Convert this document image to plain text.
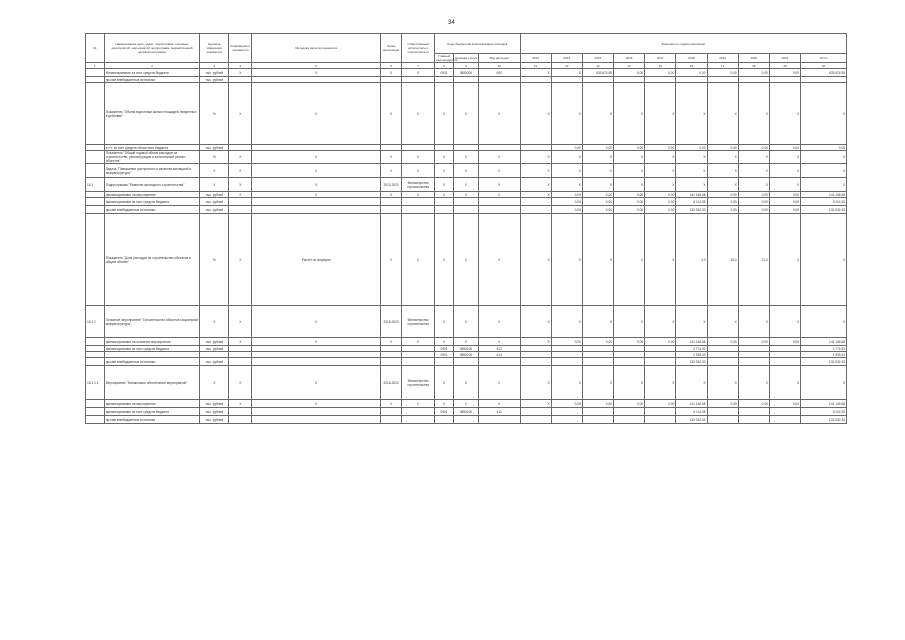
34
№	Наименование цели, задач, подпрограмм, основных мероприятий, мероприятий подпрограмм, ведомственной целевой программы	Единица измерения показателя	Коэффициент значимости	Методика расчета показателя	Сроки реализации	Ответственный исполнитель и соисполнители	Коды бюджетной классификации расходов			Значения по годам реализации									
							Главный распорядитель	Целевая статья	Вид расходов	2013	2014	2015	2016	2017	2018	2019	2020	2021	Итого
1	2	3	4	5	6	7	8	9	10	11	12	13	14	15	16	17	18	19	20
	Финансирование за счет средств бюджета	тыс. рублей	Х	Х	Х	Х	0901	0850000	000	Х	Х	633 674,95	0,00	0,00	0,00	0,00	0,00	0,00	633 674,95
	прочие внебюджетные источники	тыс. рублей																	
	Показатель "Объем подготовки жилых площадей, введенных в действие"	%	Х	Х	Х	Х	Х	Х	Х	Х	Х	Х	Х	Х	Х	Х	Х	Х	Х
	в т.ч. за счет средств областного бюджета	тыс. рублей									0,00	0,00	0,00	0,00	0,00	0,00	0,00	0,00	0,00
	Показатель "Общий годовой объем расходов на строительство, реконструкцию и капитальный ремонт объектов"	%	Х	Х	Х	Х	Х	Х	Х	Х	Х	Х	Х	Х	Х	Х	Х	Х	Х
	Задача "Повышение доступности и качества жилищной и инфраструктуры"	Х	Х	Х	Х	Х	Х	Х	Х	Х	Х	Х	Х	Х	Х	Х	Х	Х	Х
18.1	Подпрограмма "Развитие жилищного строительства"	Х	Х	Х	2013-2021	Министерство строительства	Х	Х	Х	Х	Х	Х	Х	Х	Х	Х	Х	Х	Х
	финансирование на мероприятие	тыс. рублей	Х	Х	Х	Х	Х	Х	Х	Х	0,00	0,00	0,00	0,00	141 146,68	0,00	0,00	0,00	141 146,68
	финансирование за счет средств бюджета	тыс. рублей									0,00	0,00	0,00	0,00	8 114,35	0,00	0,00	0,00	8 114,35
	прочие внебюджетные источники	тыс. рублей									0,00	0,00	0,00	0,00	133 032,33	0,00	0,00	0,00	133 032,33
	Показатель "Доля расходов на строительство объектов в общем объеме"	%	Х	Расчет по формуле	Х	Х	Х	Х	Х	Х	Х	Х	Х	Х	4,0	16,0	21,0	Х	Х
18.1.1	Основное мероприятие "Строительство объектов социальной инфраструктуры"	Х	Х	Х	2018-2020	Министерство строительства	Х	Х	Х	Х	Х	Х	Х	Х	Х	Х	Х	Х	Х
	финансирование на основное мероприятие	тыс. рублей	Х	Х	Х	Х	Х	Х	Х	Х	0,00	0,00	0,00	0,00	141 146,68	0,00	0,00	0,00	141 146,68
	финансирование за счет средств бюджета	тыс. рублей					0901	0850100	412						3 774,92				3 774,92
							0901	0850100	414						2 339,43				2 339,43
	прочие внебюджетные источники	тыс. рублей													133 032,33				133 032,33
18.1.1.1	Мероприятие "Финансовое обеспечение мероприятий"	Х	Х	Х	2018-2020	Министерство строительства	Х	Х	Х	Х	Х	Х	Х	Х	Х	Х	Х	Х	Х
	финансирование на мероприятие	тыс. рублей	Х	Х	Х	Х	Х	Х	Х	Х	0,00	0,00	0,00	0,00	141 146,68	0,00	0,00	0,00	141 146,68
	финансирование за счет средств бюджета	тыс. рублей					0901	0850100	412						8 114,35				8 114,35
	прочие внебюджетные источники	тыс. рублей													133 032,33				133 032,33
